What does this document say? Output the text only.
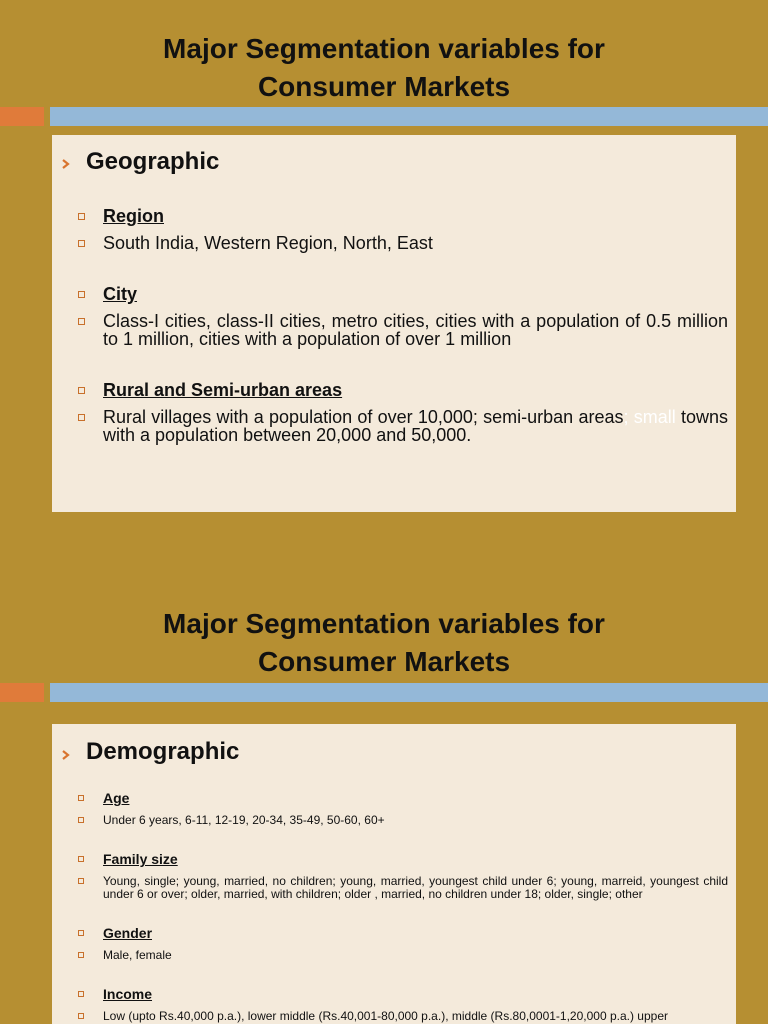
Major Segmentation variables for
Consumer Markets
Geographic
Region
South India, Western Region, North, East
City
Class-I cities, class-II cities, metro cities, cities with a population of 0.5 million to 1 million, cities with a population of over 1 million
Rural and Semi-urban areas
Rural villages with a population of over 10,000; semi-urban areas; small towns with a population between 20,000 and 50,000.
Major Segmentation variables for
Consumer Markets
Demographic
Age
Under 6 years, 6-11, 12-19, 20-34, 35-49, 50-60, 60+
Family size
Young, single; young, married, no children; young, married, youngest child under 6; young, marreid, youngest child under 6 or over; older, married, with children; older , married, no children under 18; older, single; other
Gender
Male, female
Income
Low (upto Rs.40,000 p.a.), lower middle (Rs.40,001-80,000 p.a.), middle (Rs.80,0001-1,20,000 p.a.) upper
